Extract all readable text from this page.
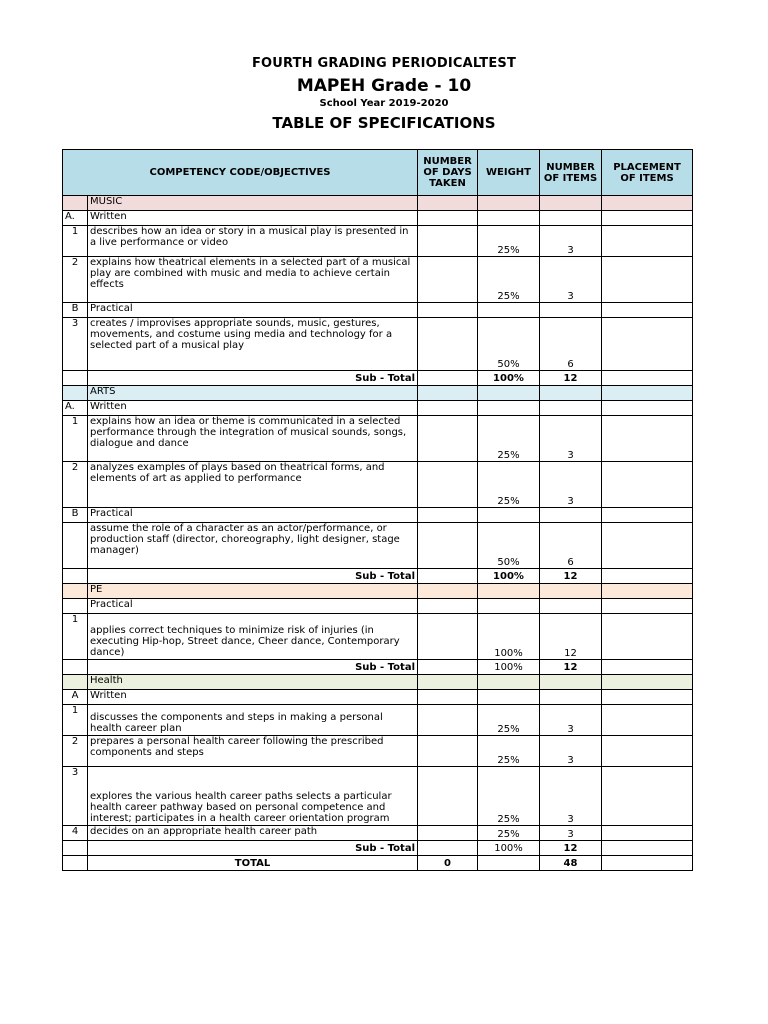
FOURTH GRADING PERIODICALTEST
MAPEH Grade - 10
School Year 2019-2020
TABLE OF SPECIFICATIONS
COMPETENCY CODE/OBJECTIVES		NUMBER OF DAYS TAKEN	WEIGHT	NUMBER OF ITEMS	PLACEMENT OF ITEMS
	MUSIC				
A.	Written				
1	describes how an idea or story in a musical play is presented in a live performance or video		25%	3	
2	explains how theatrical elements in a selected part of a musical play are combined with music and media to achieve certain effects		25%	3	
B	Practical				
3	creates / improvises appropriate sounds, music, gestures, movements, and costume using media and technology for a selected part of a musical play		50%	6	
	Sub - Total		100%	12	
	ARTS				
A.	Written				
1	explains how an idea or theme is communicated in a selected performance through the integration of musical sounds, songs, dialogue and dance		25%	3	
2	analyzes examples of plays based on theatrical forms, and elements of art as applied to performance		25%	3	
B	Practical				
	assume the role of a character as an actor/performance, or production staff (director, choreography, light designer, stage manager)		50%	6	
	Sub - Total		100%	12	
	PE				
	Practical				
1	applies correct techniques to minimize risk of injuries (in executing Hip-hop, Street dance, Cheer dance, Contemporary dance)		100%	12	
	Sub - Total		100%	12	
	Health				
A	Written				
1	discusses the components and steps in making a personal health career plan		25%	3	
2	prepares a personal health career following the prescribed components and steps		25%	3	
3	explores the various health career paths selects a particular health career pathway based on personal competence and interest; participates in a health career orientation program		25%	3	
4	decides on an appropriate health career path		25%	3	
	Sub - Total		100%	12	
	TOTAL	0		48	
